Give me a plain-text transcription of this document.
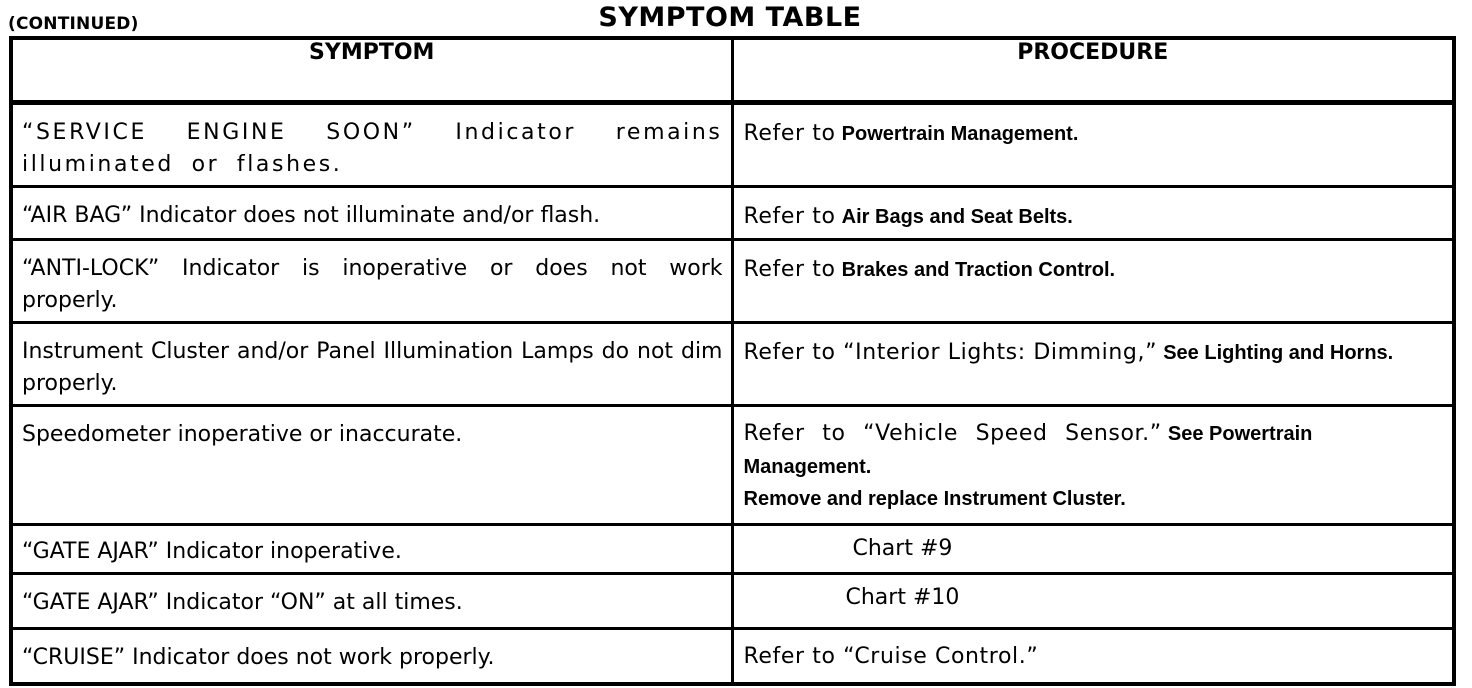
(CONTINUED)	SYMPTOM TABLE
SYMPTOM	PROCEDURE

“SERVICE ENGINE SOON” Indicator remains illuminated or flashes.	Refer to Powertrain Management.

“AIR BAG” Indicator does not illuminate and/or flash.	Refer to Air Bags and Seat Belts.

“ANTI-LOCK” Indicator is inoperative or does not work properly.	Refer to Brakes and Traction Control.

Instrument Cluster and/or Panel Illumination Lamps do not dim properly.	Refer to “Interior Lights: Dimming,” See Lighting and Horns.

Speedometer inoperative or inaccurate.	Refer to “Vehicle Speed Sensor.” See Powertrain Management.
Remove and replace Instrument Cluster.

“GATE AJAR” Indicator inoperative.	Chart #9

“GATE AJAR” Indicator “ON” at all times.	Chart #10

“CRUISE” Indicator does not work properly.	Refer to “Cruise Control.”
